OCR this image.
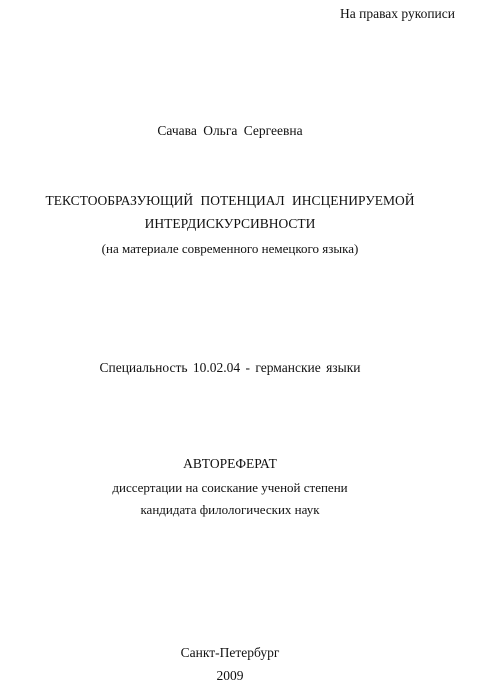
На правах рукописи
Сачава Ольга Сергеевна
ТЕКСТООБРАЗУЮЩИЙ ПОТЕНЦИАЛ ИНСЦЕНИРУЕМОЙ
ИНТЕРДИСКУРСИВНОСТИ
(на материале современного немецкого языка)
Специальность 10.02.04 - германские языки
АВТОРЕФЕРАТ
диссертации на соискание ученой степени
кандидата филологических наук
Санкт-Петербург
2009
